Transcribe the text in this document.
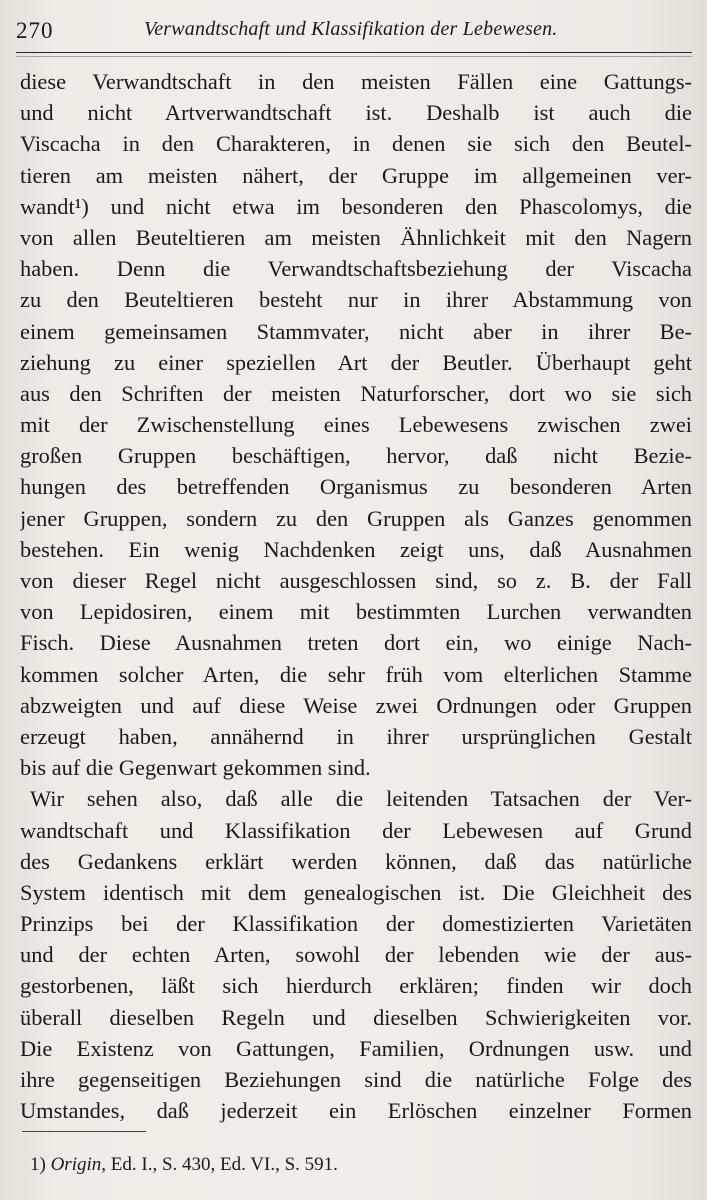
270	Verwandtschaft und Klassifikation der Lebewesen.
diese Verwandtschaft in den meisten Fällen eine Gattungs-
und nicht Artverwandtschaft ist. Deshalb ist auch die
Viscacha in den Charakteren, in denen sie sich den Beutel-
tieren am meisten nähert, der Gruppe im allgemeinen ver-
wandt¹) und nicht etwa im besonderen den Phascolomys, die
von allen Beuteltieren am meisten Ähnlichkeit mit den Nagern
haben. Denn die Verwandtschaftsbeziehung der Viscacha
zu den Beuteltieren besteht nur in ihrer Abstammung von
einem gemeinsamen Stammvater, nicht aber in ihrer Be-
ziehung zu einer speziellen Art der Beutler. Überhaupt geht
aus den Schriften der meisten Naturforscher, dort wo sie sich
mit der Zwischenstellung eines Lebewesens zwischen zwei
großen Gruppen beschäftigen, hervor, daß nicht Bezie-
hungen des betreffenden Organismus zu besonderen Arten
jener Gruppen, sondern zu den Gruppen als Ganzes genommen
bestehen. Ein wenig Nachdenken zeigt uns, daß Ausnahmen
von dieser Regel nicht ausgeschlossen sind, so z. B. der Fall
von Lepidosiren, einem mit bestimmten Lurchen verwandten
Fisch. Diese Ausnahmen treten dort ein, wo einige Nach-
kommen solcher Arten, die sehr früh vom elterlichen Stamme
abzweigten und auf diese Weise zwei Ordnungen oder Gruppen
erzeugt haben, annähernd in ihrer ursprünglichen Gestalt
bis auf die Gegenwart gekommen sind.
Wir sehen also, daß alle die leitenden Tatsachen der Ver-
wandtschaft und Klassifikation der Lebewesen auf Grund
des Gedankens erklärt werden können, daß das natürliche
System identisch mit dem genealogischen ist. Die Gleichheit des
Prinzips bei der Klassifikation der domestizierten Varietäten
und der echten Arten, sowohl der lebenden wie der aus-
gestorbenen, läßt sich hierdurch erklären; finden wir doch
überall dieselben Regeln und dieselben Schwierigkeiten vor.
Die Existenz von Gattungen, Familien, Ordnungen usw. und
ihre gegenseitigen Beziehungen sind die natürliche Folge des
Umstandes, daß jederzeit ein Erlöschen einzelner Formen
1) Origin, Ed. I., S. 430, Ed. VI., S. 591.
